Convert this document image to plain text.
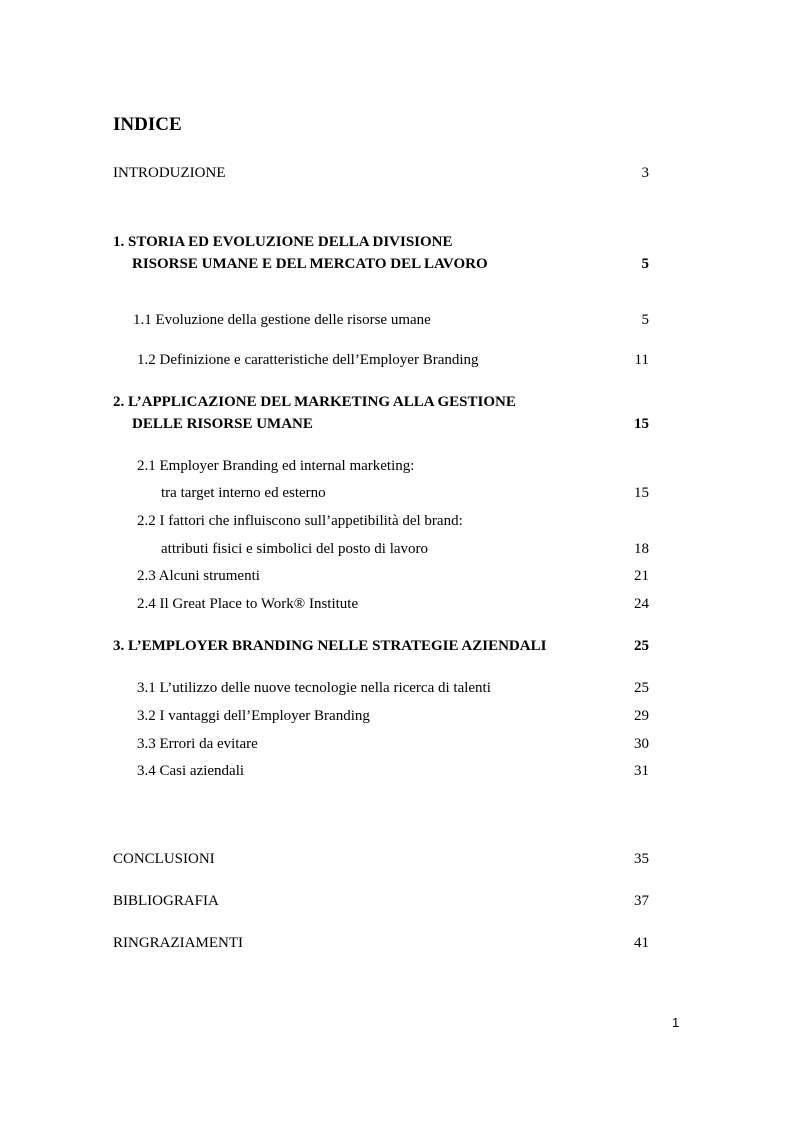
INDICE
INTRODUZIONE	3
1. STORIA ED EVOLUZIONE DELLA DIVISIONE
RISORSE UMANE E DEL MERCATO DEL LAVORO	5
1.1 Evoluzione della gestione delle risorse umane	5
1.2 Definizione e caratteristiche dell’Employer Branding	11
2. L’APPLICAZIONE DEL MARKETING ALLA GESTIONE
DELLE RISORSE UMANE	15
2.1 Employer Branding ed internal marketing:
tra target interno ed esterno	15
2.2 I fattori che influiscono sull’appetibilità del brand:
attributi fisici e simbolici del posto di lavoro	18
2.3 Alcuni strumenti	21
2.4 Il Great Place to Work® Institute	24
3. L’EMPLOYER BRANDING NELLE STRATEGIE AZIENDALI	25
3.1 L’utilizzo delle nuove tecnologie nella ricerca di talenti	25
3.2 I vantaggi dell’Employer Branding	29
3.3 Errori da evitare	30
3.4 Casi aziendali	31
CONCLUSIONI	35
BIBLIOGRAFIA	37
RINGRAZIAMENTI	41
1
